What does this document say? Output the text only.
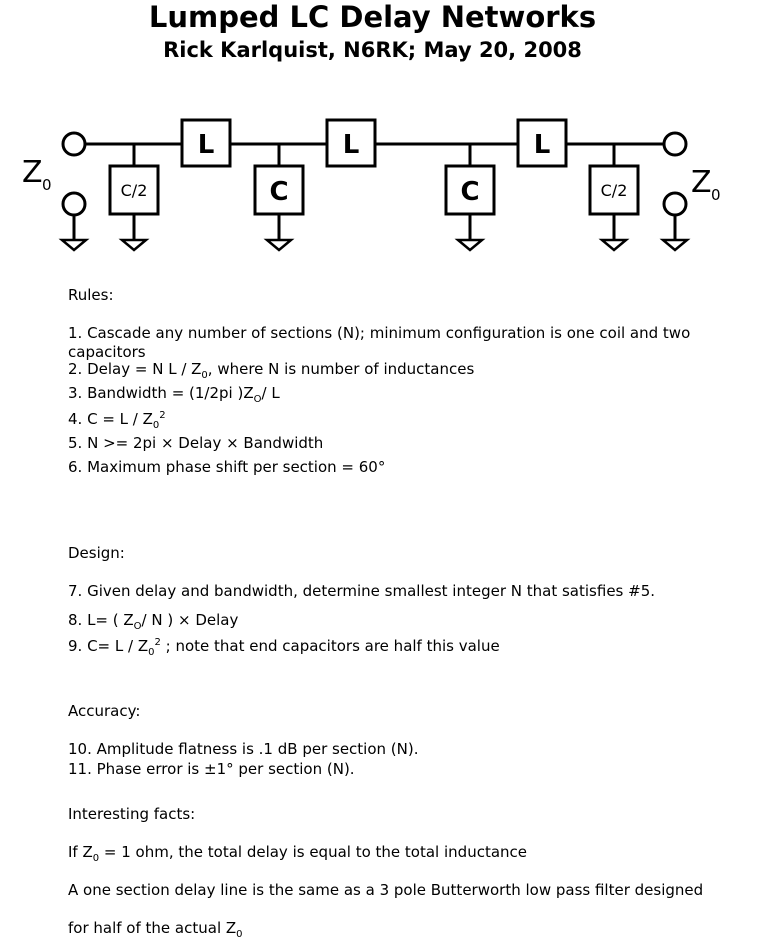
Lumped LC Delay Networks
Rick Karlquist, N6RK; May 20, 2008
L	L	L
C	C
C/2	C/2
Z 0	Z 0
Rules:
1. Cascade any number of sections (N); minimum configuration is one coil and two capacitors
2. Delay = N L / $Z_0$, where N is number of inductances
3. Bandwidth = (1/2pi )$Z_O/$ L
4. $C = L / Z_0^2$
5. N >= 2pi × Delay × Bandwidth
6. Maximum phase shift per section = 60°
Design:
7. Given delay and bandwidth, determine smallest integer N that satisfies #5.
8. L= ( $Z_O/$ N ) × Delay
9. $C= L / Z_0^2$ ; note that end capacitors are half this value
Accuracy:
10. Amplitude flatness is .1 dB per section (N).
11. Phase error is ±1° per section (N).
Interesting facts:
If $Z_0 = 1$ ohm, the total delay is equal to the total inductance
A one section delay line is the same as a 3 pole Butterworth low pass filter designed
for half of the actual $Z_0$
